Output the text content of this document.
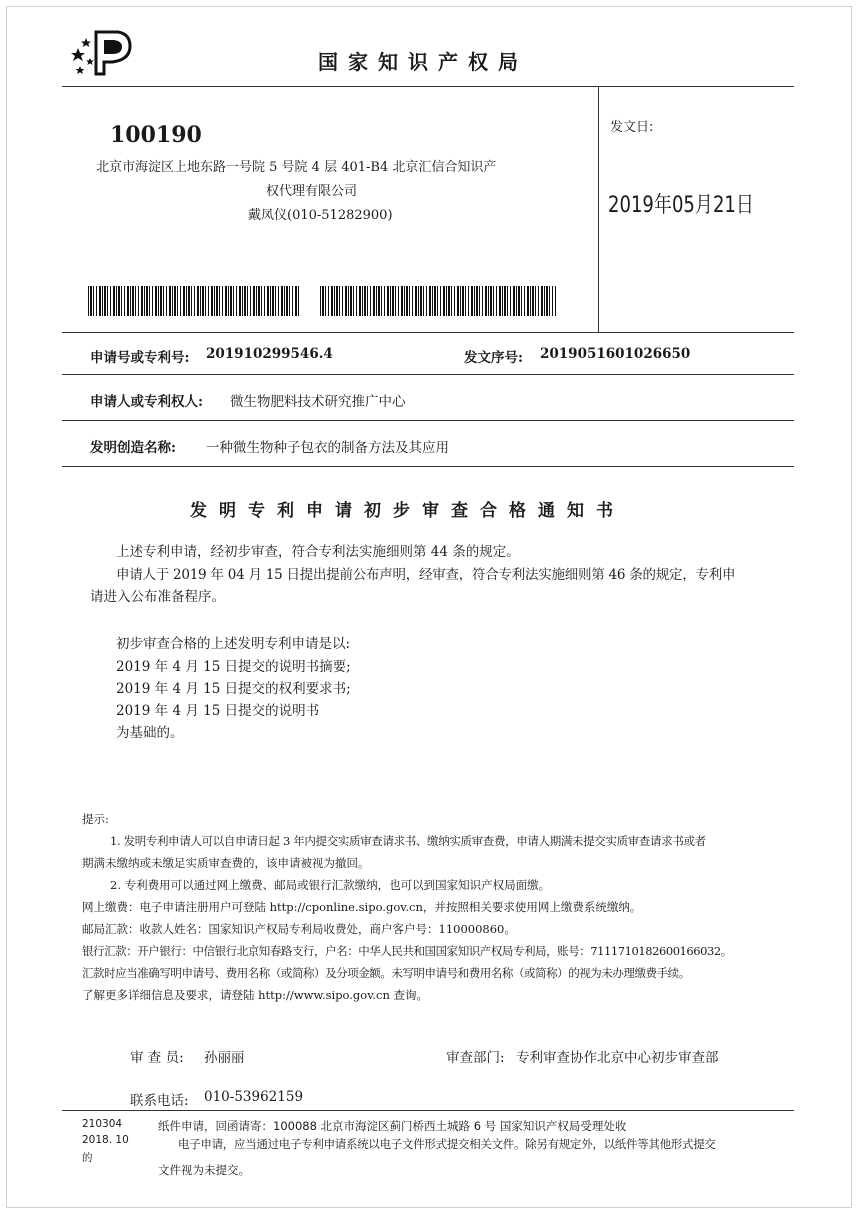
国家知识产权局
100190
北京市海淀区上地东路一号院 5 号院 4 层 401-B4 北京汇信合知识产
权代理有限公司
戴凤仪(010-51282900)
发文日:
2019年05月21日
申请号或专利号: 201910299546.4	发文序号: 2019051601026650
申请人或专利权人: 微生物肥料技术研究推广中心
发明创造名称: 一种微生物种子包衣的制备方法及其应用
发明专利申请初步审查合格通知书
上述专利申请，经初步审查，符合专利法实施细则第 44 条的规定。
申请人于 2019 年 04 月 15 日提出提前公布声明，经审查，符合专利法实施细则第 46 条的规定，专利申
请进入公布准备程序。
初步审查合格的上述发明专利申请是以:
2019 年 4 月 15 日提交的说明书摘要;
2019 年 4 月 15 日提交的权利要求书;
2019 年 4 月 15 日提交的说明书
为基础的。
提示:
1. 发明专利申请人可以自申请日起 3 年内提交实质审查请求书、缴纳实质审查费，申请人期满未提交实质审查请求书或者
期满未缴纳或未缴足实质审查费的，该申请被视为撤回。
2. 专利费用可以通过网上缴费、邮局或银行汇款缴纳，也可以到国家知识产权局面缴。
网上缴费：电子申请注册用户可登陆 http://cponline.sipo.gov.cn，并按照相关要求使用网上缴费系统缴纳。
邮局汇款：收款人姓名：国家知识产权局专利局收费处，商户客户号：110000860。
银行汇款：开户银行：中信银行北京知春路支行，户名：中华人民共和国国家知识产权局专利局，账号：7111710182600166032。
汇款时应当准确写明申请号、费用名称（或简称）及分项金额。未写明申请号和费用名称（或简称）的视为未办理缴费手续。
了解更多详细信息及要求，请登陆 http://www.sipo.gov.cn 查询。
审 查 员: 孙丽丽	审查部门: 专利审查协作北京中心初步审查部
联系电话: 010-53962159
210304
2018. 10
的
纸件申请，回函请寄：100088 北京市海淀区蓟门桥西土城路 6 号 国家知识产权局受理处收
电子申请，应当通过电子专利申请系统以电子文件形式提交相关文件。除另有规定外，以纸件等其他形式提交
文件视为未提交。
